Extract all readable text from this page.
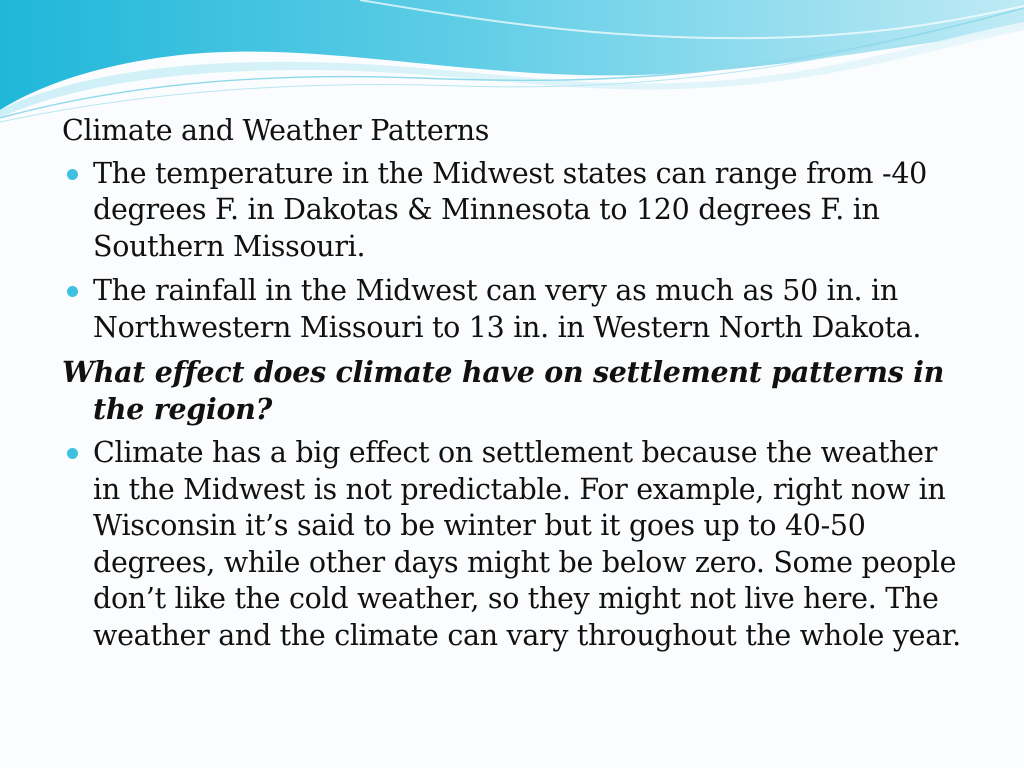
Climate and Weather Patterns
The temperature in the Midwest states can range from -40 degrees F. in Dakotas & Minnesota to 120 degrees F. in Southern Missouri.
The rainfall in the Midwest can very as much as 50 in. in Northwestern Missouri to 13 in. in Western North Dakota.
What effect does climate have on settlement patterns in the region?
Climate has a big effect on settlement because the weather in the Midwest is not predictable. For example, right now in Wisconsin it’s said to be winter but it goes up to 40-50 degrees, while other days might be below zero. Some people don’t like the cold weather, so they might not live here. The weather and the climate can vary throughout the whole year.
